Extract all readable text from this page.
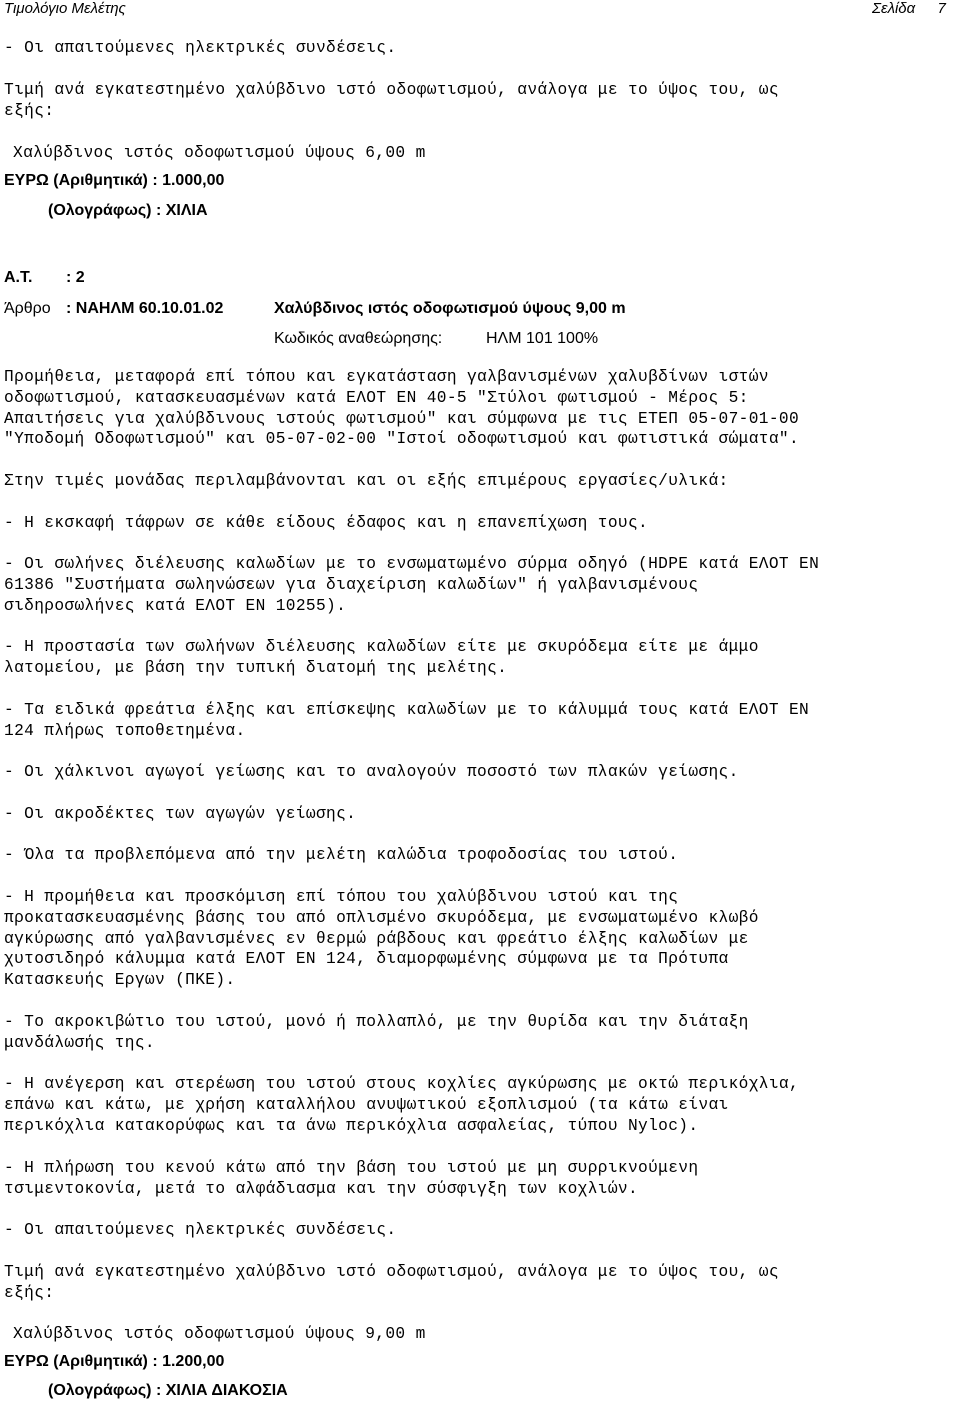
Τιμολόγιο Μελέτης	Σελίδα 7
- Οι απαιτούμενες ηλεκτρικές συνδέσεις.
Τιμή ανά εγκατεστημένο χαλύβδινο ιστό οδοφωτισμού, ανάλογα με το ύψος του, ως
εξής:
Χαλύβδινος ιστός οδοφωτισμού ύψους 6,00 m
ΕΥΡΩ (Αριθμητικά) : 1.000,00
(Ολογράφως) : ΧΙΛΙΑ
Α.Τ. : 2
Άρθρο : ΝΑΗΛΜ 60.10.01.02	Χαλύβδινος ιστός οδοφωτισμού ύψους 9,00 m
Κωδικός αναθεώρησης:	ΗΛΜ 101 100%
Προμήθεια, μεταφορά επί τόπου και εγκατάσταση γαλβανισμένων χαλυβδίνων ιστών
οδοφωτισμού, κατασκευασμένων κατά ΕΛΟΤ ΕΝ 40-5 "Στύλοι φωτισμού - Μέρος 5:
Απαιτήσεις για χαλύβδινους ιστούς φωτισμού" και σύμφωνα με τις ΕΤΕΠ 05-07-01-00
"Υποδομή Οδοφωτισμού" και 05-07-02-00 "Ιστοί οδοφωτισμού και φωτιστικά σώματα".
Στην τιμές μονάδας περιλαμβάνονται και οι εξής επιμέρους εργασίες/υλικά:
- Η εκσκαφή τάφρων σε κάθε είδους έδαφος και η επανεπίχωση τους.
- Οι σωλήνες διέλευσης καλωδίων με το ενσωματωμένο σύρμα οδηγό (HDPE κατά ΕΛΟΤ ΕΝ
61386 "Συστήματα σωληνώσεων για διαχείριση καλωδίων" ή γαλβανισμένους
σιδηροσωλήνες κατά ΕΛΟΤ ΕΝ 10255).
- Η προστασία των σωλήνων διέλευσης καλωδίων είτε με σκυρόδεμα είτε με άμμο
λατομείου, με βάση την τυπική διατομή της μελέτης.
- Τα ειδικά φρεάτια έλξης και επίσκεψης καλωδίων με το κάλυμμά τους κατά ΕΛΟΤ ΕΝ
124 πλήρως τοποθετημένα.
- Οι χάλκινοι αγωγοί γείωσης και το αναλογούν ποσοστό των πλακών γείωσης.
- Οι ακροδέκτες των αγωγών γείωσης.
- Όλα τα προβλεπόμενα από την μελέτη καλώδια τροφοδοσίας του ιστού.
- Η προμήθεια και προσκόμιση επί τόπου του χαλύβδινου ιστού και της
προκατασκευασμένης βάσης του από οπλισμένο σκυρόδεμα, με ενσωματωμένο κλωβό
αγκύρωσης από γαλβανισμένες εν θερμώ ράβδους και φρεάτιο έλξης καλωδίων με
χυτοσιδηρό κάλυμμα κατά ΕΛΟΤ ΕΝ 124, διαμορφωμένης σύμφωνα με τα Πρότυπα
Κατασκευής Εργων (ΠΚΕ).
- Το ακροκιβώτιο του ιστού, μονό ή πολλαπλό, με την θυρίδα και την διάταξη
μανδάλωσής της.
- Η ανέγερση και στερέωση του ιστού στους κοχλίες αγκύρωσης με οκτώ περικόχλια,
επάνω και κάτω, με χρήση καταλλήλου ανυψωτικού εξοπλισμού (τα κάτω είναι
περικόχλια κατακορύφως και τα άνω περικόχλια ασφαλείας, τύπου Nyloc).
- Η πλήρωση του κενού κάτω από την βάση του ιστού με μη συρρικνούμενη
τσιμεντοκονία, μετά το αλφάδιασμα και την σύσφιγξη των κοχλιών.
- Οι απαιτούμενες ηλεκτρικές συνδέσεις.
Τιμή ανά εγκατεστημένο χαλύβδινο ιστό οδοφωτισμού, ανάλογα με το ύψος του, ως
εξής:
Χαλύβδινος ιστός οδοφωτισμού ύψους 9,00 m
ΕΥΡΩ (Αριθμητικά) : 1.200,00
(Ολογράφως) : ΧΙΛΙΑ ΔΙΑΚΟΣΙΑ
